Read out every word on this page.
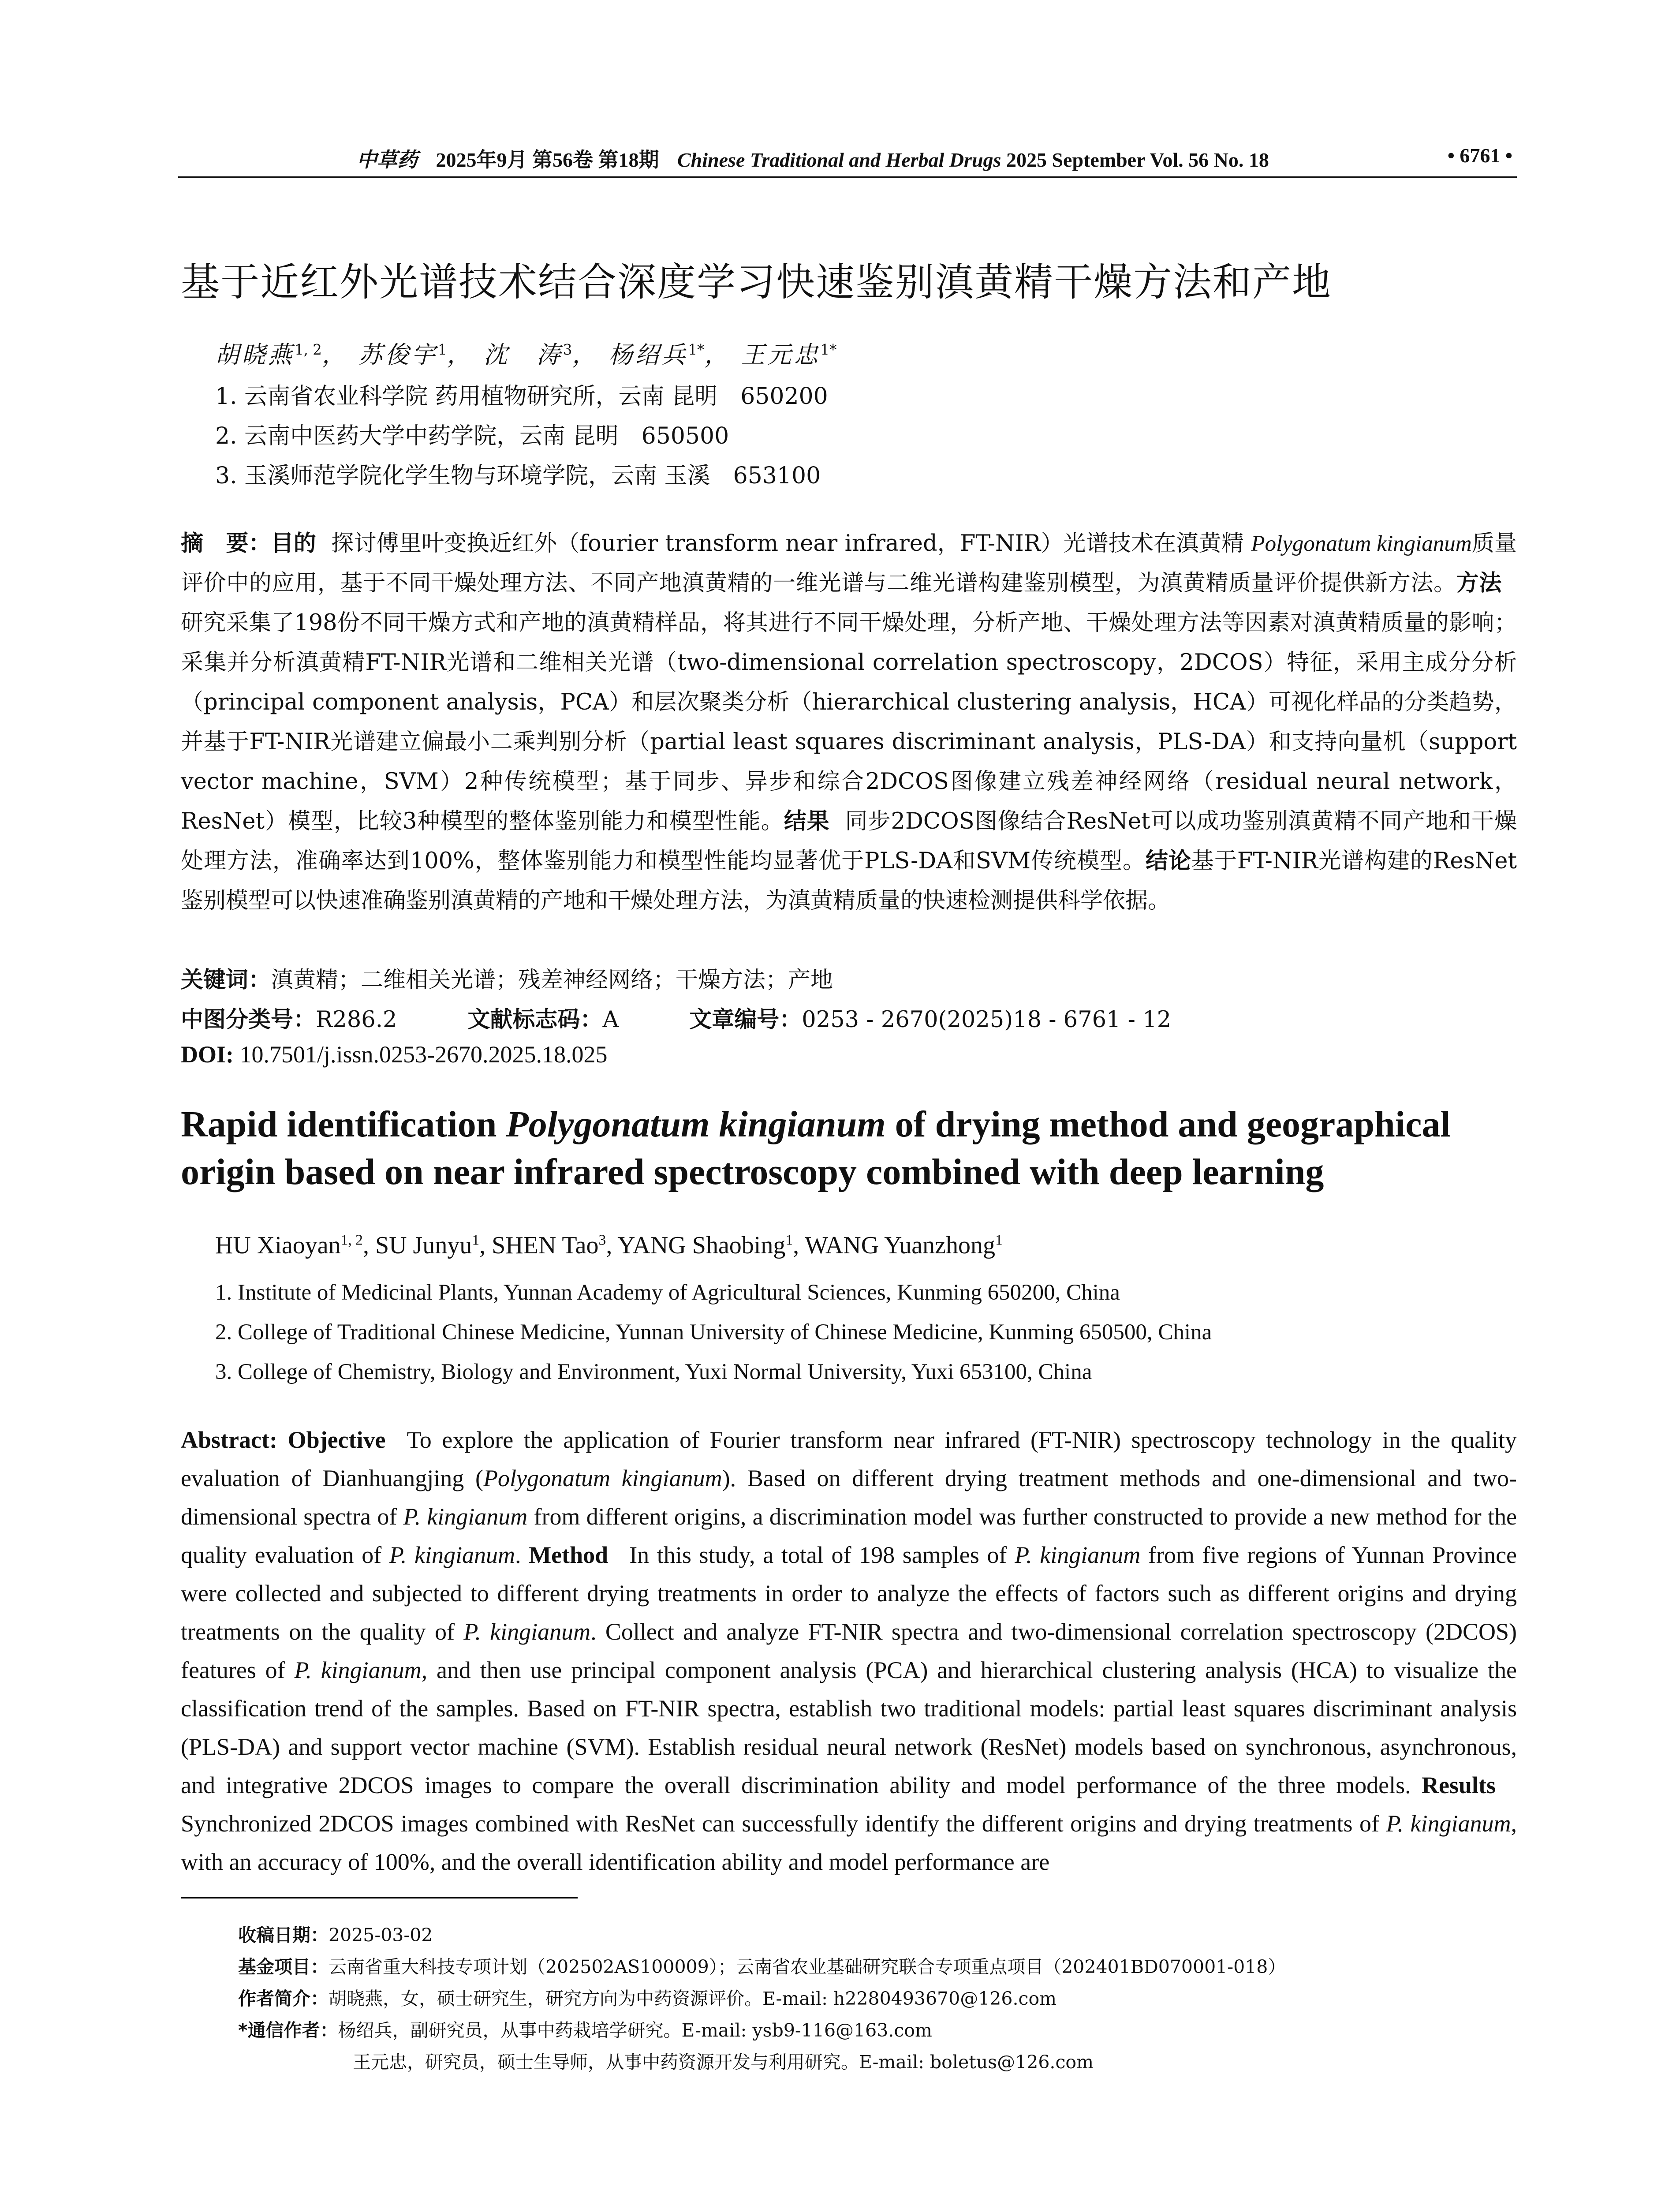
中草药 2025年9月 第56卷 第18期 Chinese Traditional and Herbal Drugs 2025 September Vol. 56 No. 18	• 6761 •
基于近红外光谱技术结合深度学习快速鉴别滇黄精干燥方法和产地
胡晓燕$^{1, 2}$， 苏俊宇$^1$， 沈　涛$^3$， 杨绍兵$^{1*}$， 王元忠$^{1*}$
1. 云南省农业科学院 药用植物研究所，云南 昆明　650200
2. 云南中医药大学中药学院，云南 昆明　650500
3. 玉溪师范学院化学生物与环境学院，云南 玉溪　653100
摘　要：目的 探讨傅里叶变换近红外（fourier transform near infrared，FT-NIR）光谱技术在滇黄精 Polygonatum kingianum质量评价中的应用，基于不同干燥处理方法、不同产地滇黄精的一维光谱与二维光谱构建鉴别模型，为滇黄精质量评价提供新方法。方法研究采集了198份不同干燥方式和产地的滇黄精样品，将其进行不同干燥处理，分析产地、干燥处理方法等因素对滇黄精质量的影响；采集并分析滇黄精FT-NIR光谱和二维相关光谱（two-dimensional correlation spectroscopy，2DCOS）特征，采用主成分分析（principal component analysis，PCA）和层次聚类分析（hierarchical clustering analysis，HCA）可视化样品的分类趋势，并基于FT-NIR光谱建立偏最小二乘判别分析（partial least squares discriminant analysis，PLS-DA）和支持向量机（support vector machine，SVM）2种传统模型；基于同步、异步和综合2DCOS图像建立残差神经网络（residual neural network，ResNet）模型，比较3种模型的整体鉴别能力和模型性能。结果 同步2DCOS图像结合ResNet可以成功鉴别滇黄精不同产地和干燥处理方法，准确率达到100%，整体鉴别能力和模型性能均显著优于PLS-DA和SVM传统模型。结论基于FT-NIR光谱构建的ResNet鉴别模型可以快速准确鉴别滇黄精的产地和干燥处理方法，为滇黄精质量的快速检测提供科学依据。
关键词：滇黄精；二维相关光谱；残差神经网络；干燥方法；产地
中图分类号：R286.2	文献标志码：A	文章编号：0253 - 2670(2025)18 - 6761 - 12
DOI: 10.7501/j.issn.0253-2670.2025.18.025
Rapid identification Polygonatum kingianum of drying method and geographical origin based on near infrared spectroscopy combined with deep learning
HU Xiaoyan$^{1, 2}$, SU Junyu$^1$, SHEN Tao$^3$, YANG Shaobing$^1$, WANG Yuanzhong$^1$
1. Institute of Medicinal Plants, Yunnan Academy of Agricultural Sciences, Kunming 650200, China
2. College of Traditional Chinese Medicine, Yunnan University of Chinese Medicine, Kunming 650500, China
3. College of Chemistry, Biology and Environment, Yuxi Normal University, Yuxi 653100, China
Abstract: Objective To explore the application of Fourier transform near infrared (FT-NIR) spectroscopy technology in the quality evaluation of Dianhuangjing (Polygonatum kingianum). Based on different drying treatment methods and one-dimensional and two-dimensional spectra of P. kingianum from different origins, a discrimination model was further constructed to provide a new method for the quality evaluation of P. kingianum. Method In this study, a total of 198 samples of P. kingianum from five regions of Yunnan Province were collected and subjected to different drying treatments in order to analyze the effects of factors such as different origins and drying treatments on the quality of P. kingianum. Collect and analyze FT-NIR spectra and two-dimensional correlation spectroscopy (2DCOS) features of P. kingianum, and then use principal component analysis (PCA) and hierarchical clustering analysis (HCA) to visualize the classification trend of the samples. Based on FT-NIR spectra, establish two traditional models: partial least squares discriminant analysis (PLS-DA) and support vector machine (SVM). Establish residual neural network (ResNet) models based on synchronous, asynchronous, and integrative 2DCOS images to compare the overall discrimination ability and model performance of the three models. ResultsSynchronized 2DCOS images combined with ResNet can successfully identify the different origins and drying treatments of P. kingianum, with an accuracy of 100%, and the overall identification ability and model performance are
收稿日期：2025-03-02
基金项目：云南省重大科技专项计划（202502AS100009）；云南省农业基础研究联合专项重点项目（202401BD070001-018）
作者简介：胡晓燕，女，硕士研究生，研究方向为中药资源评价。E-mail: h2280493670@126.com
*通信作者：杨绍兵，副研究员，从事中药栽培学研究。E-mail: ysb9-116@163.com
王元忠，研究员，硕士生导师，从事中药资源开发与利用研究。E-mail: boletus@126.com
